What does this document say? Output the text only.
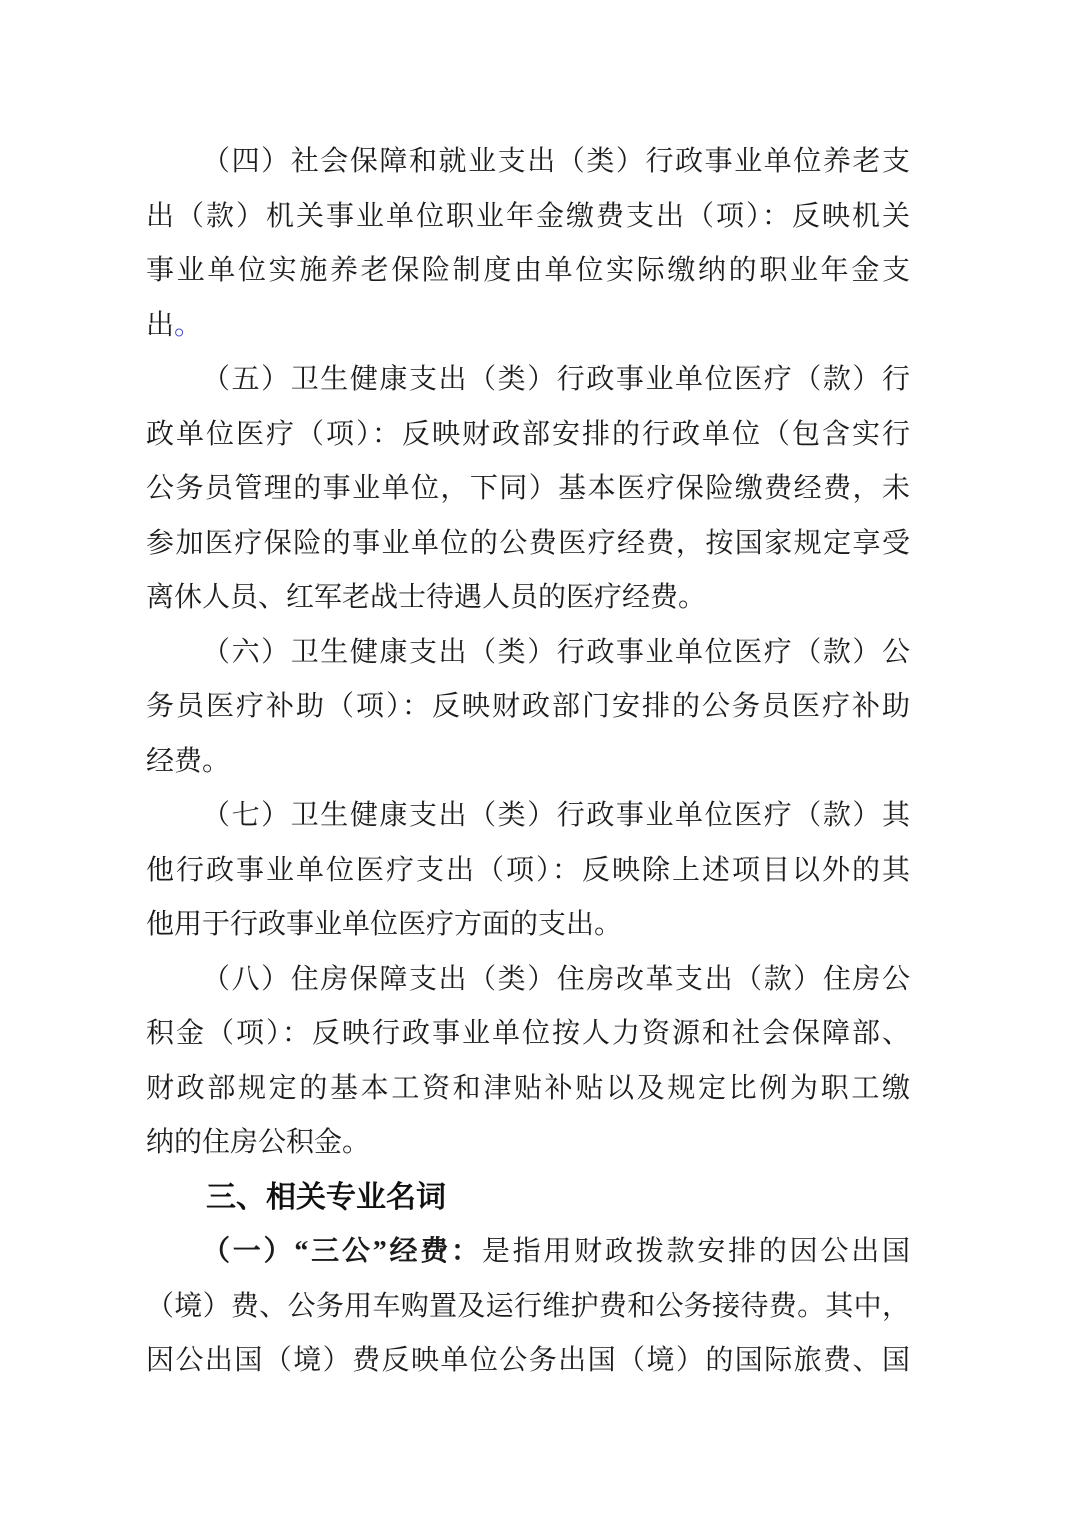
（四）社会保障和就业支出（类）行政事业单位养老支
出（款）机关事业单位职业年金缴费支出（项）：反映机关
事业单位实施养老保险制度由单位实际缴纳的职业年金支
出。
（五）卫生健康支出（类）行政事业单位医疗（款）行
政单位医疗（项）：反映财政部安排的行政单位（包含实行
公务员管理的事业单位，下同）基本医疗保险缴费经费，未
参加医疗保险的事业单位的公费医疗经费，按国家规定享受
离休人员、红军老战士待遇人员的医疗经费。
（六）卫生健康支出（类）行政事业单位医疗（款）公
务员医疗补助（项）：反映财政部门安排的公务员医疗补助
经费。
（七）卫生健康支出（类）行政事业单位医疗（款）其
他行政事业单位医疗支出（项）：反映除上述项目以外的其
他用于行政事业单位医疗方面的支出。
（八）住房保障支出（类）住房改革支出（款）住房公
积金（项）：反映行政事业单位按人力资源和社会保障部、
财政部规定的基本工资和津贴补贴以及规定比例为职工缴
纳的住房公积金。
三、相关专业名词
（一）“三公”经费：是指用财政拨款安排的因公出国
（境）费、公务用车购置及运行维护费和公务接待费。其中，
因公出国（境）费反映单位公务出国（境）的国际旅费、国
